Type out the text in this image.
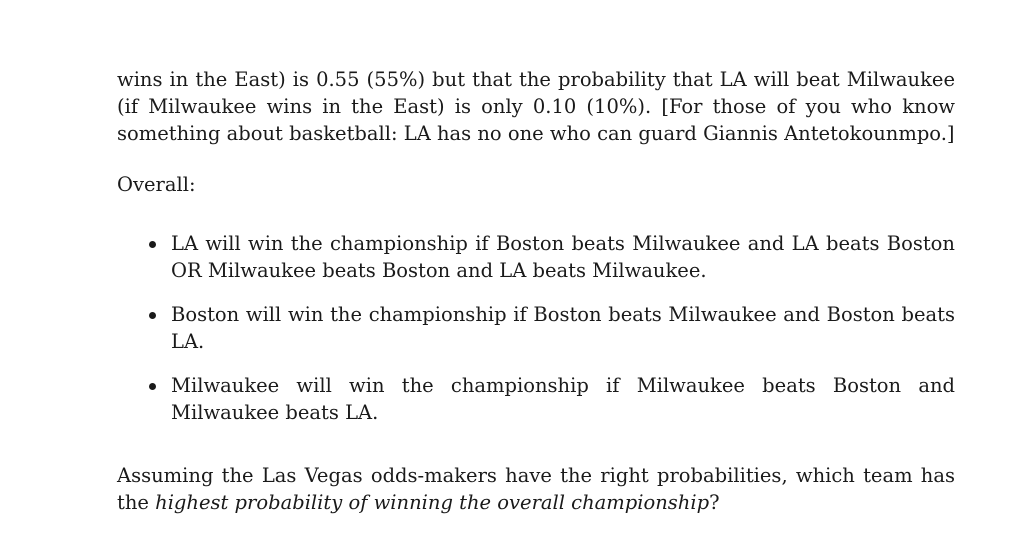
wins in the East) is 0.55 (55%) but that the probability that LA will beat Milwaukee (if Milwaukee wins in the East) is only 0.10 (10%). [For those of you who know something about basketball: LA has no one who can guard Giannis Antetokounmpo.]

Overall:

LA will win the championship if Boston beats Milwaukee and LA beats Boston OR Milwaukee beats Boston and LA beats Milwaukee.
Boston will win the championship if Boston beats Milwaukee and Boston beats LA.
Milwaukee will win the championship if Milwaukee beats Boston and Milwaukee beats LA.

Assuming the Las Vegas odds-makers have the right probabilities, which team has the highest probability of winning the overall championship?
